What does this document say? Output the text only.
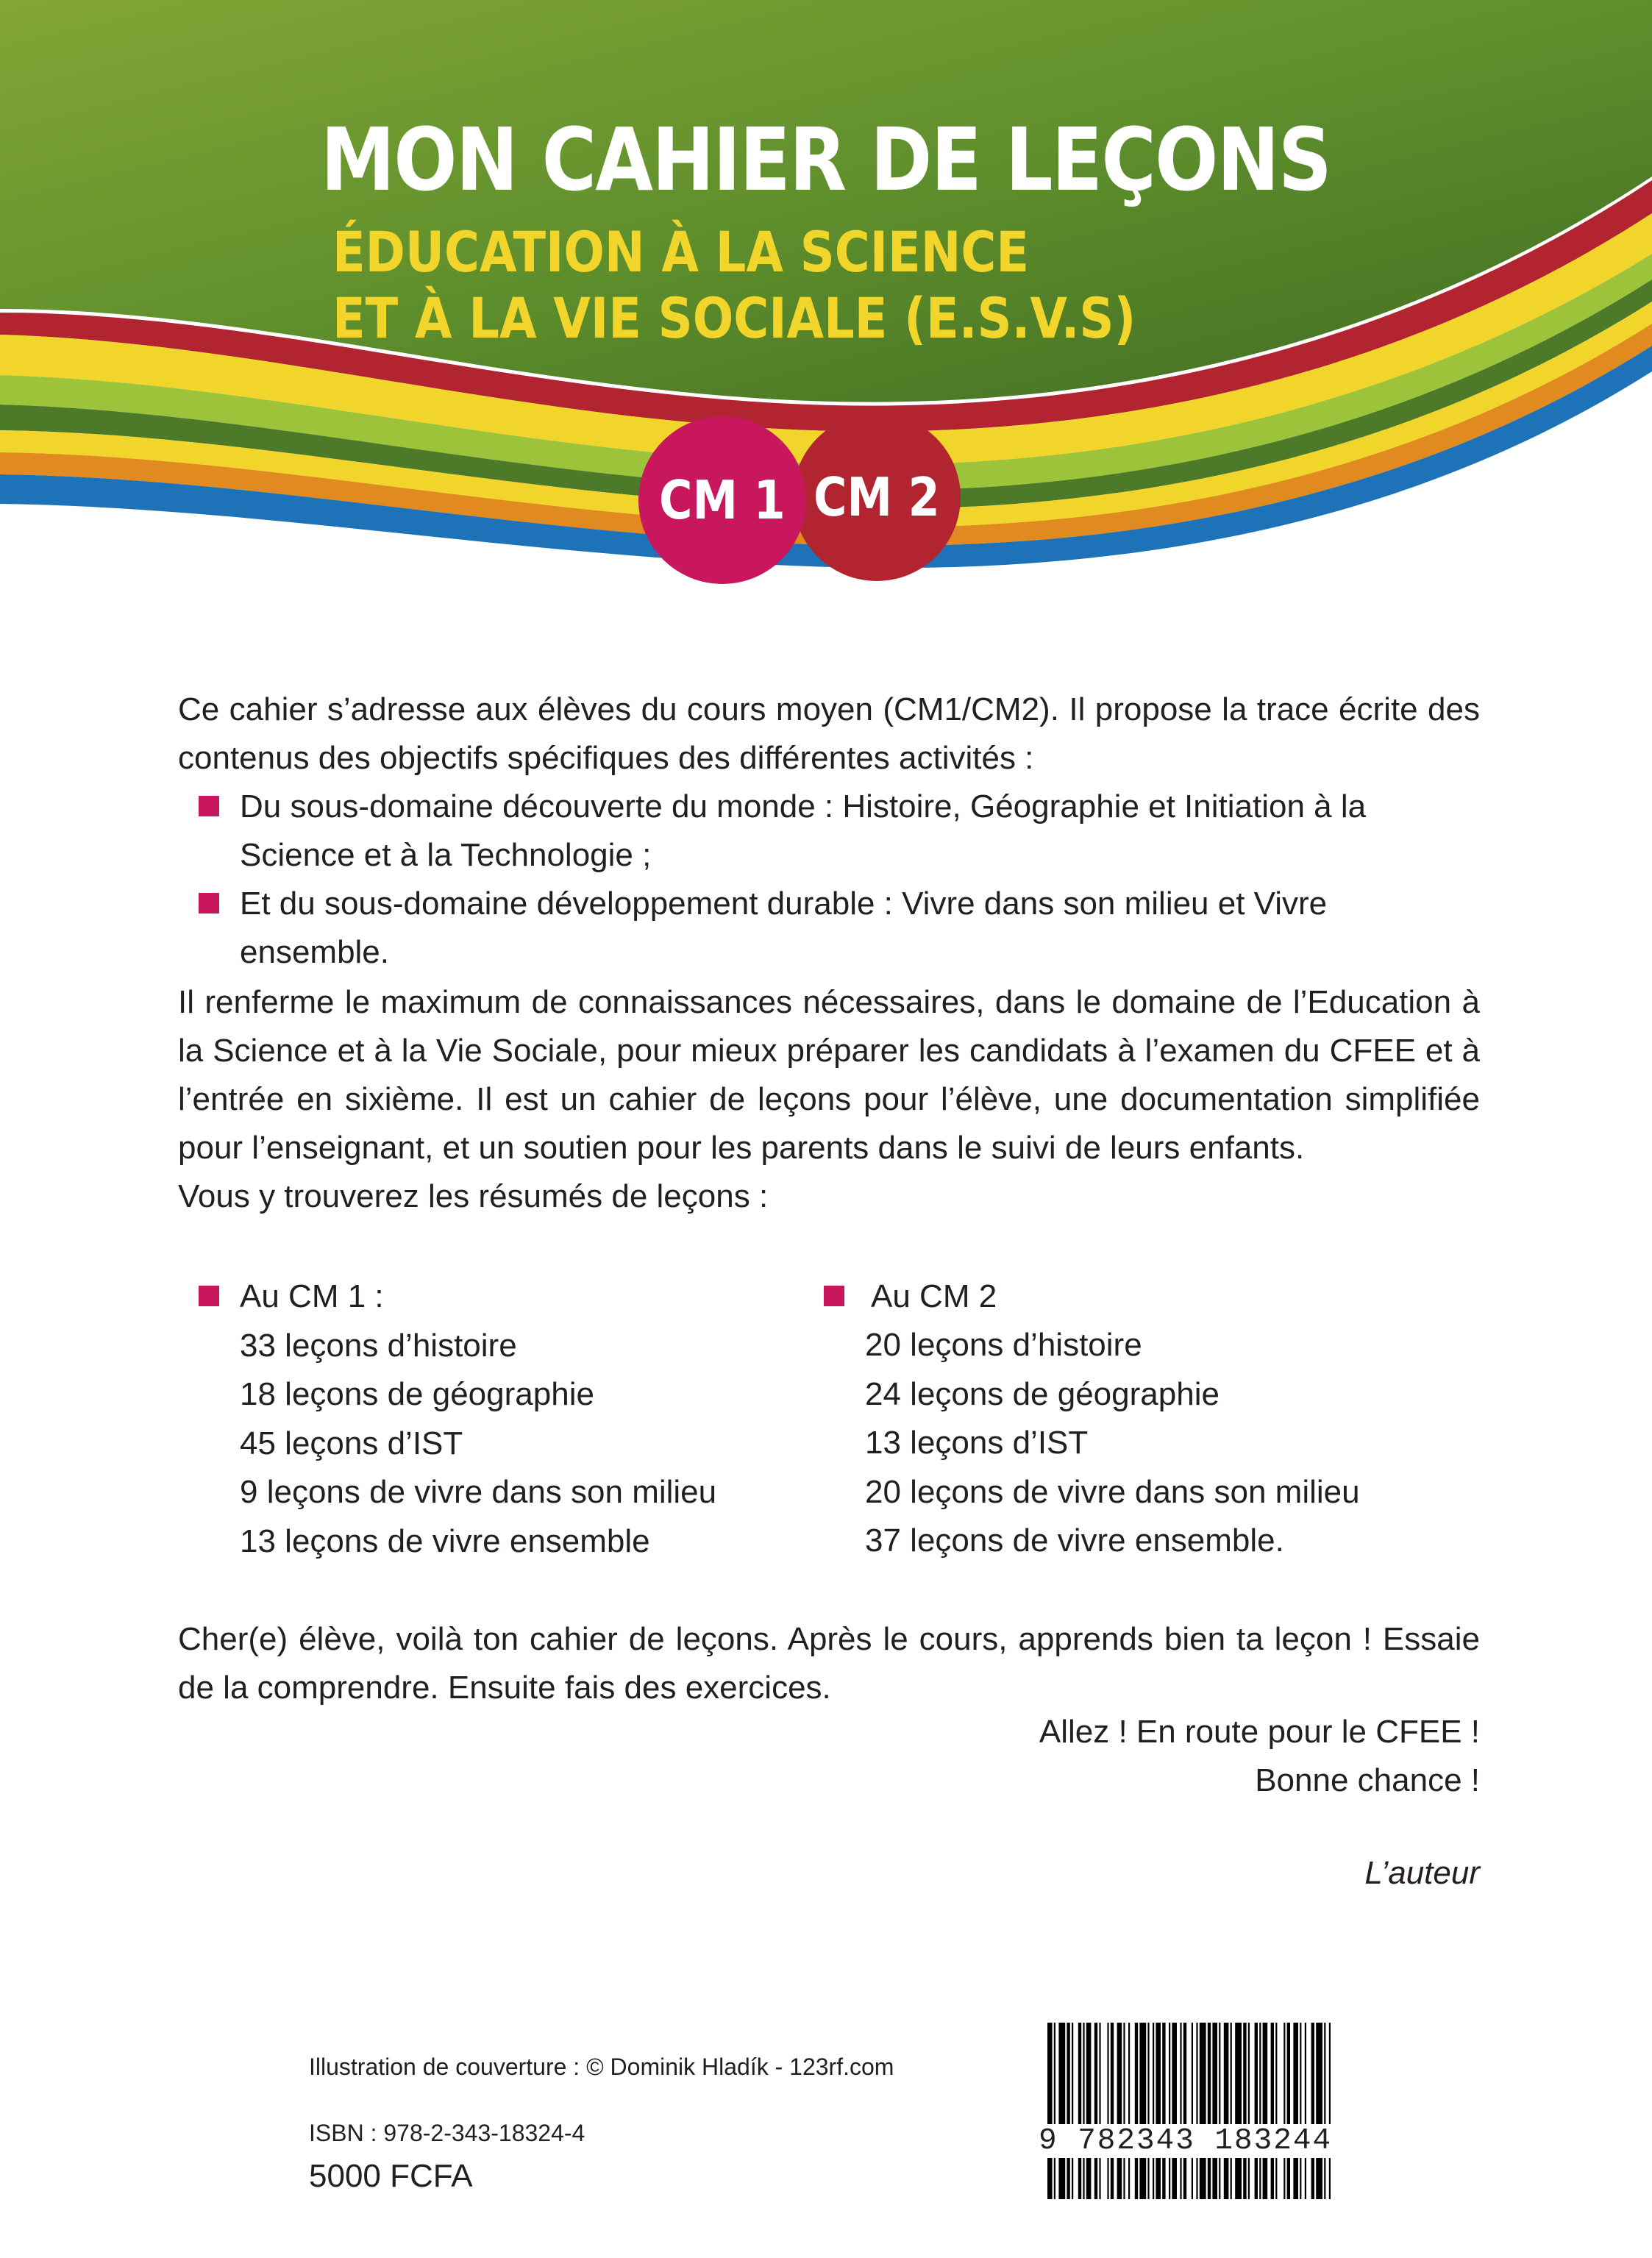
MON CAHIER DE LEÇONS
ÉDUCATION À LA SCIENCE
ET À LA VIE SOCIALE (E.S.V.S)
CM 1 CM 2
Ce cahier s’adresse aux élèves du cours moyen (CM1/CM2). Il propose la trace écrite des contenus des objectifs spécifiques des différentes activités :
Du sous-domaine découverte du monde : Histoire, Géographie et Initiation à la Science et à la Technologie ;
Et du sous-domaine développement durable : Vivre dans son milieu et Vivre ensemble.
Il renferme le maximum de connaissances nécessaires, dans le domaine de l’Education à la Science et à la Vie Sociale, pour mieux préparer les candidats à l’examen du CFEE et à l’entrée en sixième. Il est un cahier de leçons pour l’élève, une documentation simplifiée pour l’enseignant, et un soutien pour les parents dans le suivi de leurs enfants.
Vous y trouverez les résumés de leçons :
Au CM 1 :
33 leçons d’histoire
18 leçons de géographie
45 leçons d’IST
9 leçons de vivre dans son milieu
13 leçons de vivre ensemble
Au CM 2
20 leçons d’histoire
24 leçons de géographie
13 leçons d’IST
20 leçons de vivre dans son milieu
37 leçons de vivre ensemble.
Cher(e) élève, voilà ton cahier de leçons. Après le cours, apprends bien ta leçon ! Essaie de la comprendre. Ensuite fais des exercices.
Allez ! En route pour le CFEE !
Bonne chance !
L’auteur
Illustration de couverture : © Dominik Hladík - 123rf.com
ISBN : 978-2-343-18324-4
5000 FCFA
9 782343 183244
